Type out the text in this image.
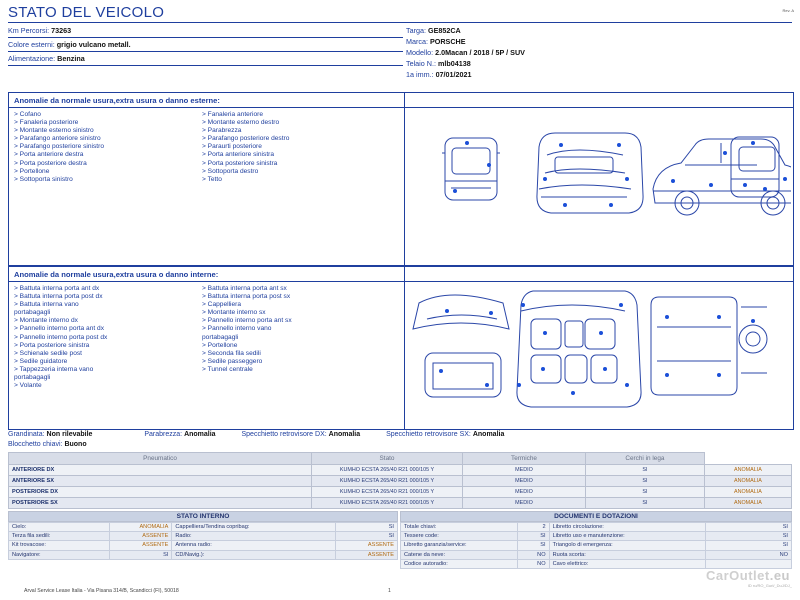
STATO DEL VEICOLO	Rev. A
Km Percorsi: 73263
Colore esterni: grigio vulcano metall.
Alimentazione: Benzina
Targa: GE852CA
Marca: PORSCHE
Modello: 2.0Macan / 2018 / 5P / SUV
Telaio N.: mlb04138
1a imm.: 07/01/2021
Anomalie da normale usura,extra usura o danno esterne:
> Cofano
> Fanaleria posteriore
> Montante esterno sinistro
> Parafango anteriore sinistro
> Parafango posteriore sinistro
> Porta anteriore destra
> Porta posteriore destra
> Portellone
> Sottoporta sinistro
> Fanaleria anteriore
> Montante esterno destro
> Parabrezza
> Parafango posteriore destro
> Paraurti posteriore
> Porta anteriore sinistra
> Porta posteriore sinistra
> Sottoporta destro
> Tetto
Anomalie da normale usura,extra usura o danno interne:
> Battuta interna porta ant dx
> Battuta interna porta post dx
> Battuta interna vano
portabagagli
> Montante interno dx
> Pannello interno porta ant dx
> Pannello interno porta post dx
> Porta posteriore sinistra
> Schienale sedile post
> Sedile guidatore
> Tappezzeria interna vano
portabagagli
> Volante
> Battuta interna porta ant sx
> Battuta interna porta post sx
> Cappelliera
> Montante interno sx
> Pannello interno porta ant sx
> Pannello interno vano
portabagagli
> Portellone
> Seconda fila sedili
> Sedile passeggero
> Tunnel centrale
Grandinata: Non rilevabile	Parabrezza: Anomalia	Specchietto retrovisore DX: Anomalia	Specchietto retrovisore SX: Anomalia
Blocchetto chiavi: Buono
Pneumatico	Stato	Termiche	Cerchi in lega	
ANTERIORE DX	KUMHO ECSTA 265/40 R21 000/105 Y	MEDIO	SI	ANOMALIA
ANTERIORE SX	KUMHO ECSTA 265/40 R21 000/105 Y	MEDIO	SI	ANOMALIA
POSTERIORE DX	KUMHO ECSTA 265/40 R21 000/105 Y	MEDIO	SI	ANOMALIA
POSTERIORE SX	KUMHO ECSTA 265/40 R21 000/105 Y	MEDIO	SI	ANOMALIA
STATO INTERNO
Cielo:	ANOMALIA	Cappelliera/Tendina copribag:	SI
Terza fila sedili:	ASSENTE	Radio:	SI
Kit trovacose:	ASSENTE	Antenna radio:	ASSENTE
Navigatore:	SI	CD/Navig.):	ASSENTE
DOCUMENTI E DOTAZIONI
Totale chiavi:	2	Libretto circolazione:	SI
Tessere code:	SI	Libretto uso e manutenzione:	SI
Libretto garanzia/service:	SI	Triangolo di emergenza:	SI
Catene da neve:	NO	Ruota scorta:	NO
Codice autoradio:	NO	Cavo elettrico:	
CarOutlet.eu
ID ru/RO_Gurl/_DuJ/DJ_
Arval Service Lease Italia - Via Pisana 314/B, Scandicci (FI), 50018	1
